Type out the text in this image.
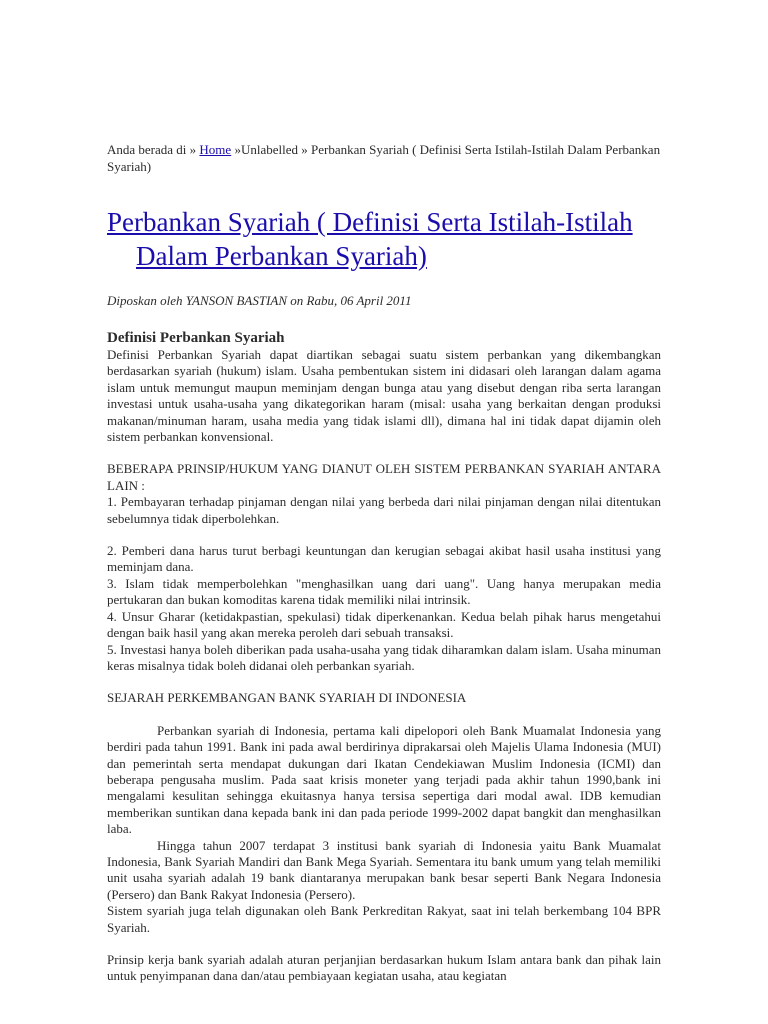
Anda berada di » Home »Unlabelled » Perbankan Syariah ( Definisi Serta Istilah-Istilah Dalam Perbankan Syariah)
Perbankan Syariah ( Definisi Serta Istilah-Istilah Dalam Perbankan Syariah)
Diposkan oleh YANSON BASTIAN on Rabu, 06 April 2011
Definisi Perbankan Syariah

Definisi Perbankan Syariah dapat diartikan sebagai suatu sistem perbankan yang dikembangkan berdasarkan syariah (hukum) islam. Usaha pembentukan sistem ini didasari oleh larangan dalam agama islam untuk memungut maupun meminjam dengan bunga atau yang disebut dengan riba serta larangan investasi untuk usaha-usaha yang dikategorikan haram (misal: usaha yang berkaitan dengan produksi makanan/minuman haram, usaha media yang tidak islami dll), dimana hal ini tidak dapat dijamin oleh sistem perbankan konvensional.

BEBERAPA PRINSIP/HUKUM YANG DIANUT OLEH SISTEM PERBANKAN SYARIAH ANTARA LAIN :

1. Pembayaran terhadap pinjaman dengan nilai yang berbeda dari nilai pinjaman dengan nilai ditentukan sebelumnya tidak diperbolehkan.

2. Pemberi dana harus turut berbagi keuntungan dan kerugian sebagai akibat hasil usaha institusi yang meminjam dana.

3. Islam tidak memperbolehkan "menghasilkan uang dari uang". Uang hanya merupakan media pertukaran dan bukan komoditas karena tidak memiliki nilai intrinsik.

4. Unsur Gharar (ketidakpastian, spekulasi) tidak diperkenankan. Kedua belah pihak harus mengetahui dengan baik hasil yang akan mereka peroleh dari sebuah transaksi.

5. Investasi hanya boleh diberikan pada usaha-usaha yang tidak diharamkan dalam islam. Usaha minuman keras misalnya tidak boleh didanai oleh perbankan syariah.

SEJARAH PERKEMBANGAN BANK SYARIAH DI INDONESIA

Perbankan syariah di Indonesia, pertama kali dipelopori oleh Bank Muamalat Indonesia yang berdiri pada tahun 1991. Bank ini pada awal berdirinya diprakarsai oleh Majelis Ulama Indonesia (MUI) dan pemerintah serta mendapat dukungan dari Ikatan Cendekiawan Muslim Indonesia (ICMI) dan beberapa pengusaha muslim. Pada saat krisis moneter yang terjadi pada akhir tahun 1990,bank ini mengalami kesulitan sehingga ekuitasnya hanya tersisa sepertiga dari modal awal. IDB kemudian memberikan suntikan dana kepada bank ini dan pada periode 1999-2002 dapat bangkit dan menghasilkan laba.

Hingga tahun 2007 terdapat 3 institusi bank syariah di Indonesia yaitu Bank Muamalat Indonesia, Bank Syariah Mandiri dan Bank Mega Syariah. Sementara itu bank umum yang telah memiliki unit usaha syariah adalah 19 bank diantaranya merupakan bank besar seperti Bank Negara Indonesia (Persero) dan Bank Rakyat Indonesia (Persero).

Sistem syariah juga telah digunakan oleh Bank Perkreditan Rakyat, saat ini telah berkembang 104 BPR Syariah.

Prinsip kerja bank syariah adalah aturan perjanjian berdasarkan hukum Islam antara bank dan pihak lain untuk penyimpanan dana dan/atau pembiayaan kegiatan usaha, atau kegiatan
